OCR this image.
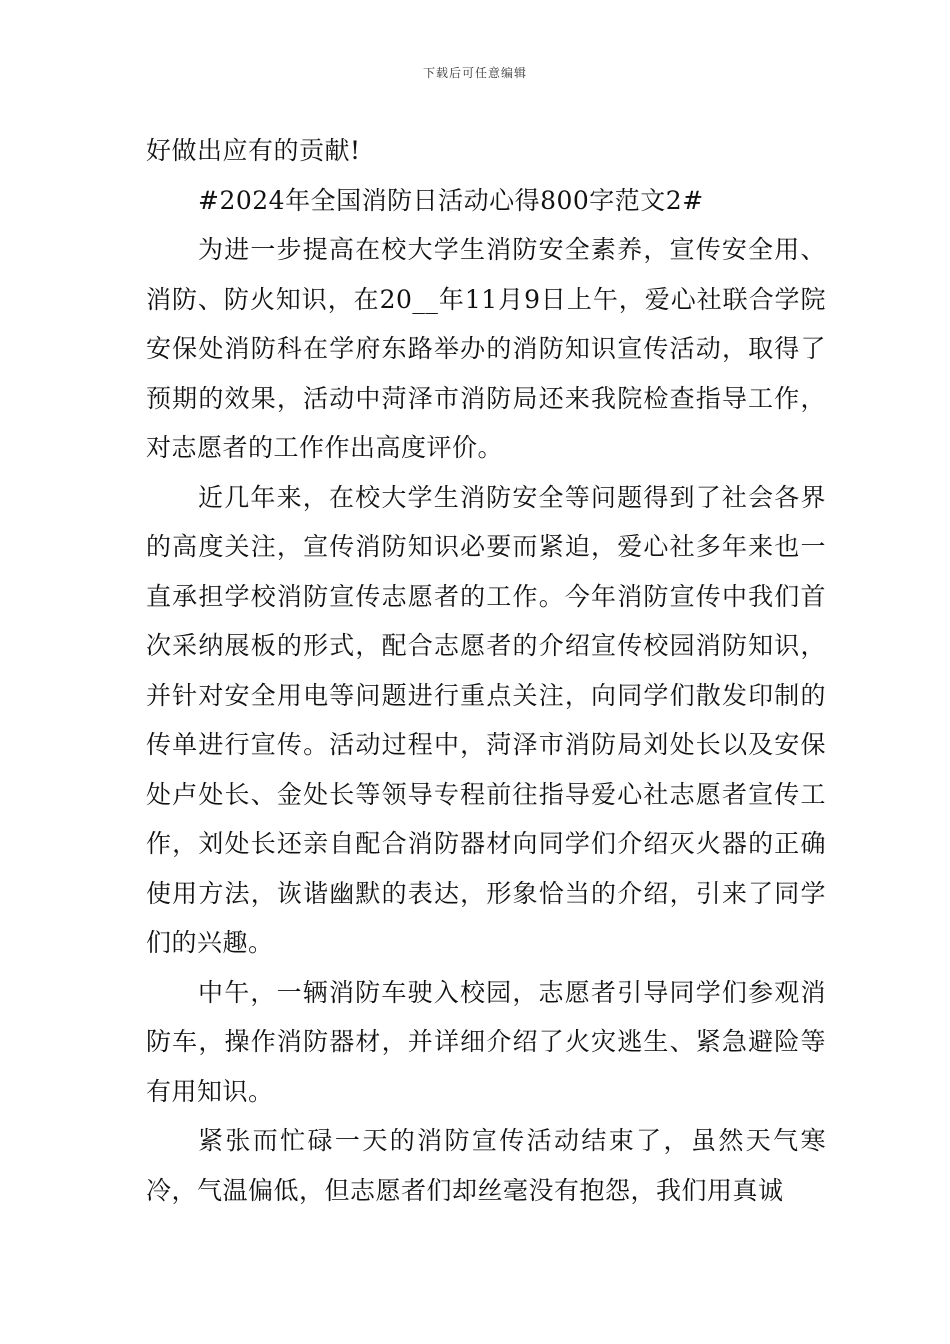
下载后可任意编辑

好做出应有的贡献!

#2024年全国消防日活动心得800字范文2#

为进一步提高在校大学生消防安全素养，宣传安全用、消防、防火知识，在20__年11月9日上午，爱心社联合学院安保处消防科在学府东路举办的消防知识宣传活动，取得了预期的效果，活动中菏泽市消防局还来我院检查指导工作，对志愿者的工作作出高度评价。

近几年来，在校大学生消防安全等问题得到了社会各界的高度关注，宣传消防知识必要而紧迫，爱心社多年来也一直承担学校消防宣传志愿者的工作。今年消防宣传中我们首次采纳展板的形式，配合志愿者的介绍宣传校园消防知识，并针对安全用电等问题进行重点关注，向同学们散发印制的传单进行宣传。活动过程中，菏泽市消防局刘处长以及安保处卢处长、金处长等领导专程前往指导爱心社志愿者宣传工作，刘处长还亲自配合消防器材向同学们介绍灭火器的正确使用方法，诙谐幽默的表达，形象恰当的介绍，引来了同学们的兴趣。

中午，一辆消防车驶入校园，志愿者引导同学们参观消防车，操作消防器材，并详细介绍了火灾逃生、紧急避险等有用知识。

紧张而忙碌一天的消防宣传活动结束了，虽然天气寒冷，气温偏低，但志愿者们却丝毫没有抱怨，我们用真诚
